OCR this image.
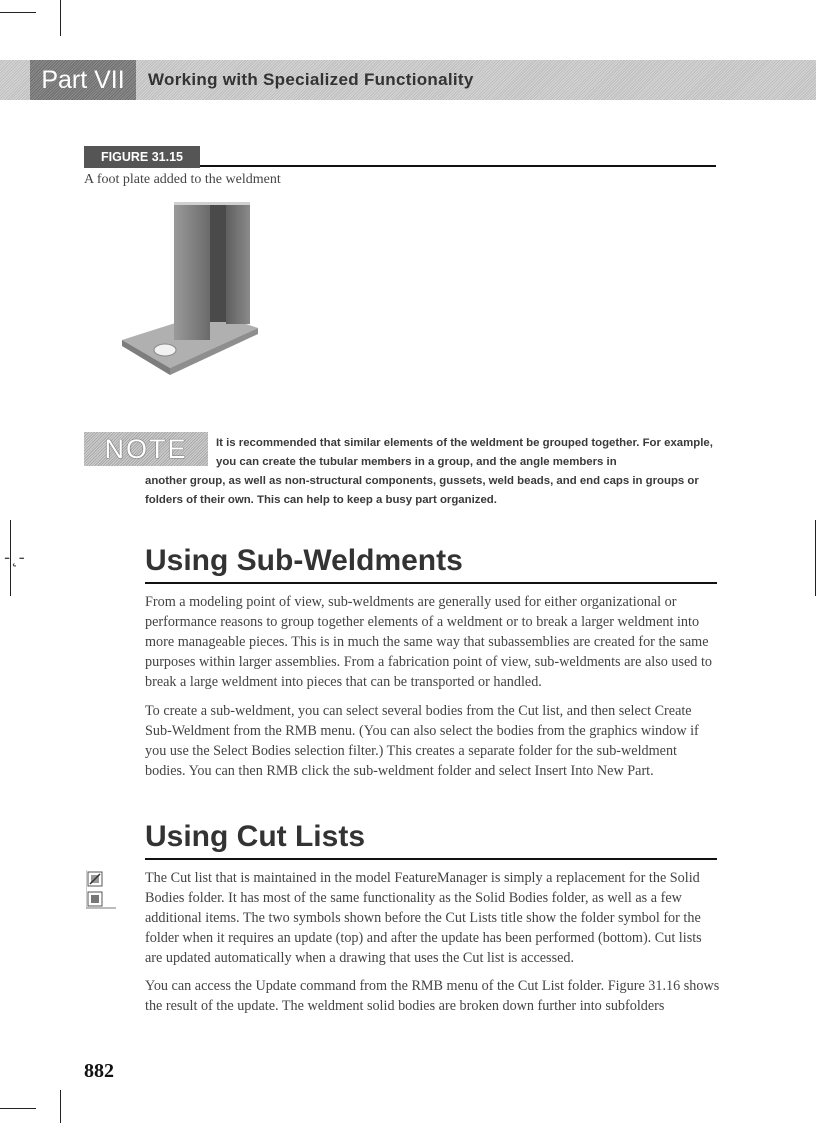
Part VII	Working with Specialized Functionality
FIGURE 31.15
A foot plate added to the weldment
NOTE	It is recommended that similar elements of the weldment be grouped together. For example, you can create the tubular members in a group, and the angle members in
another group, as well as non-structural components, gussets, weld beads, and end caps in groups or folders of their own. This can help to keep a busy part organized.
-˛-	Using Sub-Weldments

From a modeling point of view, sub-weldments are generally used for either organizational or performance reasons to group together elements of a weldment or to break a larger weldment into more manageable pieces. This is in much the same way that subassemblies are created for the same purposes within larger assemblies. From a fabrication point of view, sub-weldments are also used to break a large weldment into pieces that can be transported or handled.

To create a sub-weldment, you can select several bodies from the Cut list, and then select Create Sub-Weldment from the RMB menu. (You can also select the bodies from the graphics window if you use the Select Bodies selection filter.) This creates a separate folder for the sub-weldment bodies. You can then RMB click the sub-weldment folder and select Insert Into New Part.

Using Cut Lists

The Cut list that is maintained in the model FeatureManager is simply a replacement for the Solid Bodies folder. It has most of the same functionality as the Solid Bodies folder, as well as a few additional items. The two symbols shown before the Cut Lists title show the folder symbol for the folder when it requires an update (top) and after the update has been performed (bottom). Cut lists are updated automatically when a drawing that uses the Cut list is accessed.

You can access the Update command from the RMB menu of the Cut List folder. Figure 31.16 shows the result of the update. The weldment solid bodies are broken down further into subfolders

882
